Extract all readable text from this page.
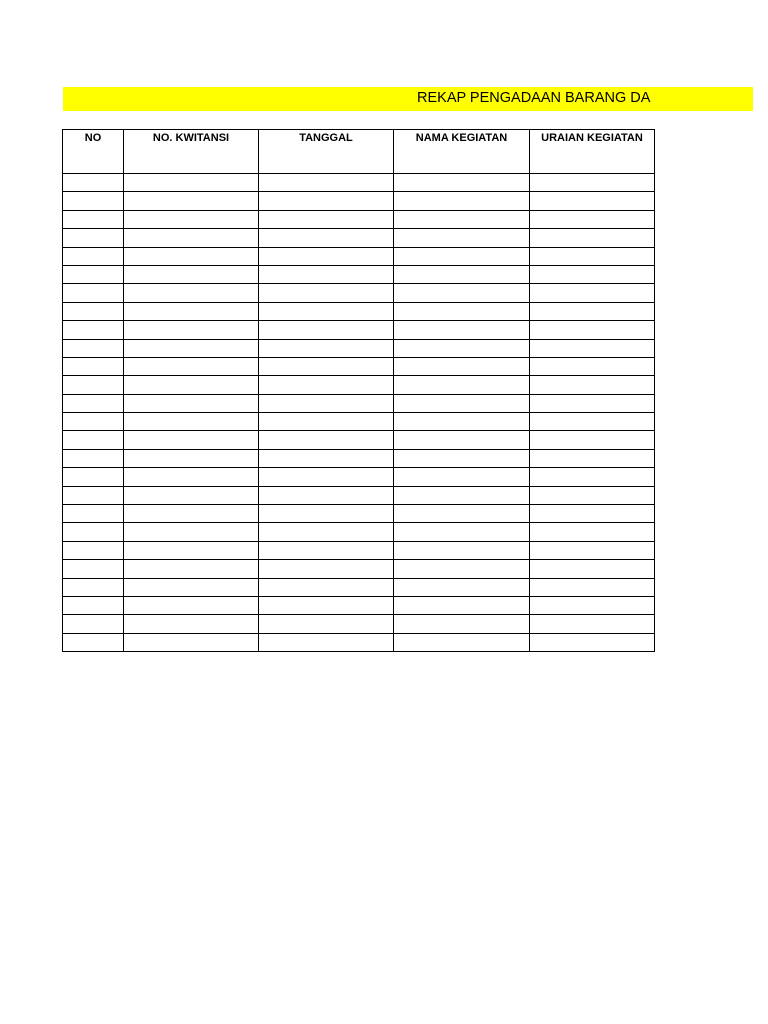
REKAP PENGADAAN BARANG DA
NO	NO. KWITANSI	TANGGAL	NAMA KEGIATAN	URAIAN KEGIATAN
